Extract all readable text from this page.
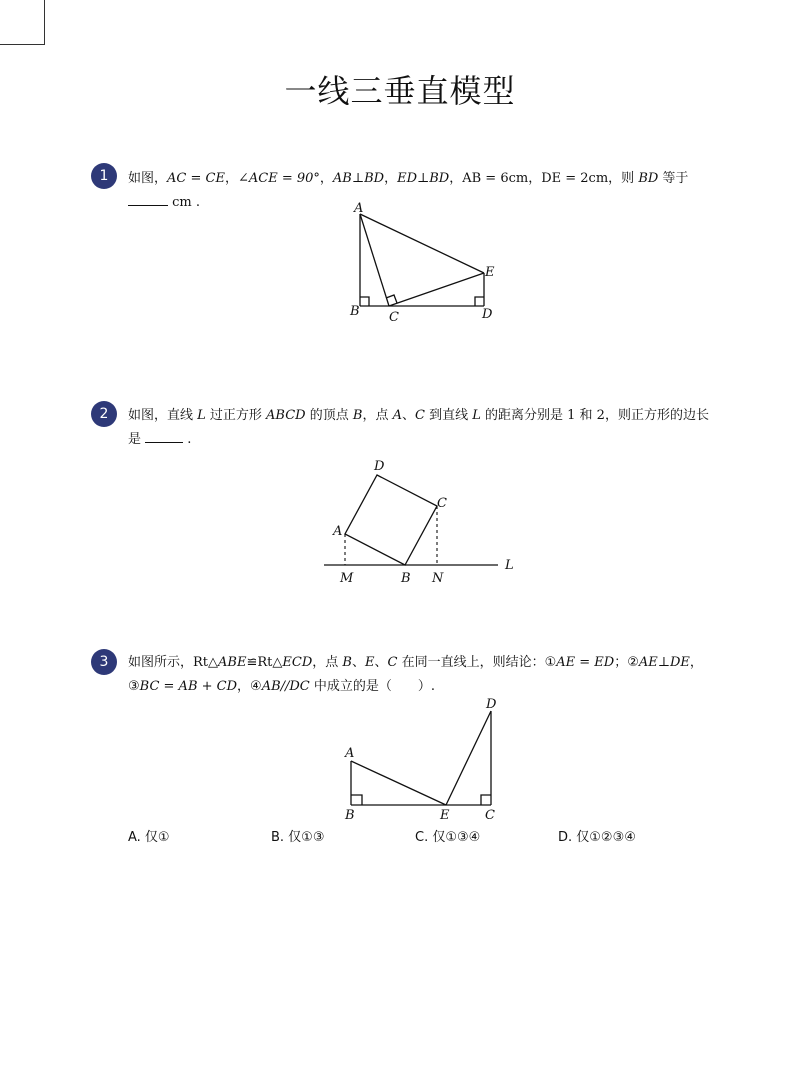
一线三垂直模型
1	如图，AC = CE，∠ACE = 90°，AB⊥BD，ED⊥BD，AB = 6cm，DE = 2cm，则 BD 等于  cm .	A
B C	D
E
2	如图，直线 L 过正方形 ABCD 的顶点 B，点 A、C 到直线 L 的距离分别是 1 和 2，则正方形的边长
是	.
A
B
C
D
L
M	N
3	如图所示，Rt△ABE≌Rt△ECD，点 B、E、C 在同一直线上，则结论：①AE = ED；②AE⊥DE，③BC = AB + CD，④AB//DC 中成立的是（　　）.
A
B	C
D
E
A. 仅①	B. 仅①③	C. 仅①③④	D. 仅①②③④
